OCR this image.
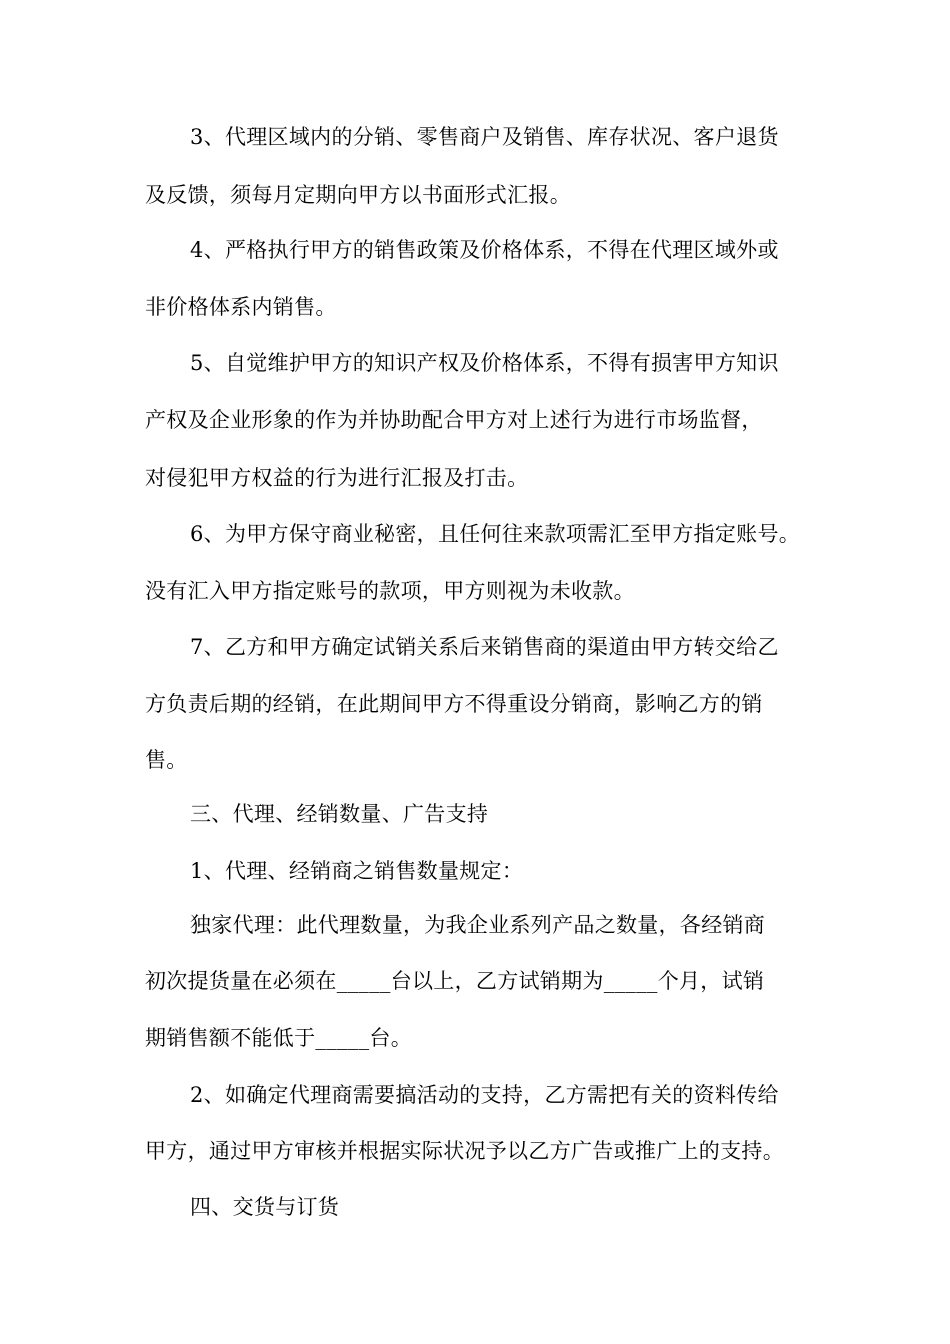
3、代理区域内的分销、零售商户及销售、库存状况、客户退货
及反馈，须每月定期向甲方以书面形式汇报。
4、严格执行甲方的销售政策及价格体系，不得在代理区域外或
非价格体系内销售。
5、自觉维护甲方的知识产权及价格体系，不得有损害甲方知识
产权及企业形象的作为并协助配合甲方对上述行为进行市场监督，
对侵犯甲方权益的行为进行汇报及打击。
6、为甲方保守商业秘密，且任何往来款项需汇至甲方指定账号。
没有汇入甲方指定账号的款项，甲方则视为未收款。
7、乙方和甲方确定试销关系后来销售商的渠道由甲方转交给乙
方负责后期的经销，在此期间甲方不得重设分销商，影响乙方的销
售。
三、代理、经销数量、广告支持
1、代理、经销商之销售数量规定：
独家代理：此代理数量，为我企业系列产品之数量，各经销商
初次提货量在必须在_____台以上，乙方试销期为_____个月，试销
期销售额不能低于_____台。
2、如确定代理商需要搞活动的支持，乙方需把有关的资料传给
甲方，通过甲方审核并根据实际状况予以乙方广告或推广上的支持。
四、交货与订货
